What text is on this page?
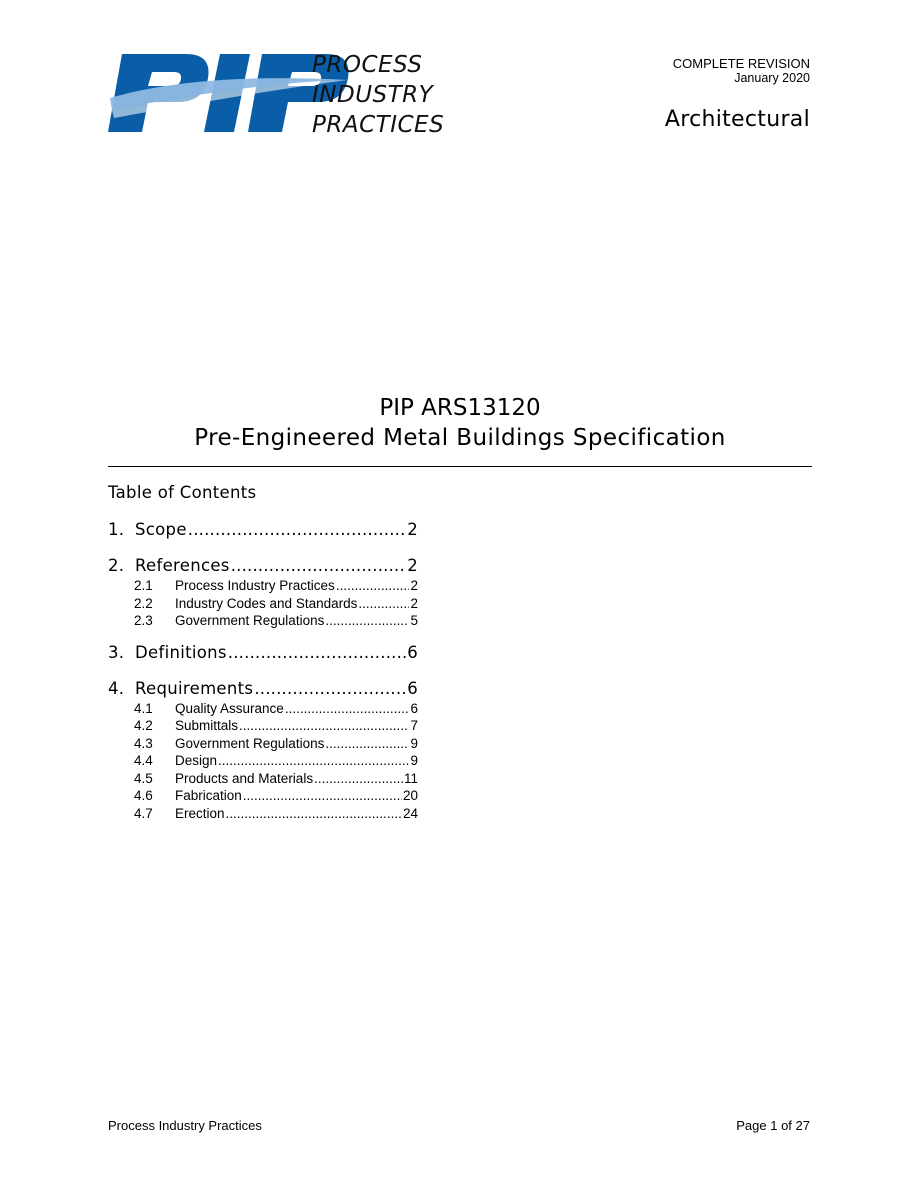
PROCESS
INDUSTRY
PRACTICES
COMPLETE REVISION
January 2020
Architectural
PIP ARS13120
Pre-Engineered Metal Buildings Specification
Table of Contents
1. Scope .....	2
2. References .....	2
2.1	Process Industry Practices .....	2
2.2	Industry Codes and Standards .....	2
2.3	Government Regulations .....	5
3. Definitions .....	6
4. Requirements .....	6
4.1	Quality Assurance .....	6
4.2	Submittals .....	7
4.3	Government Regulations .....	9
4.4	Design .....	9
4.5	Products and Materials .....	11
4.6	Fabrication .....	20
4.7	Erection .....	24
Process Industry Practices	Page 1 of 27
